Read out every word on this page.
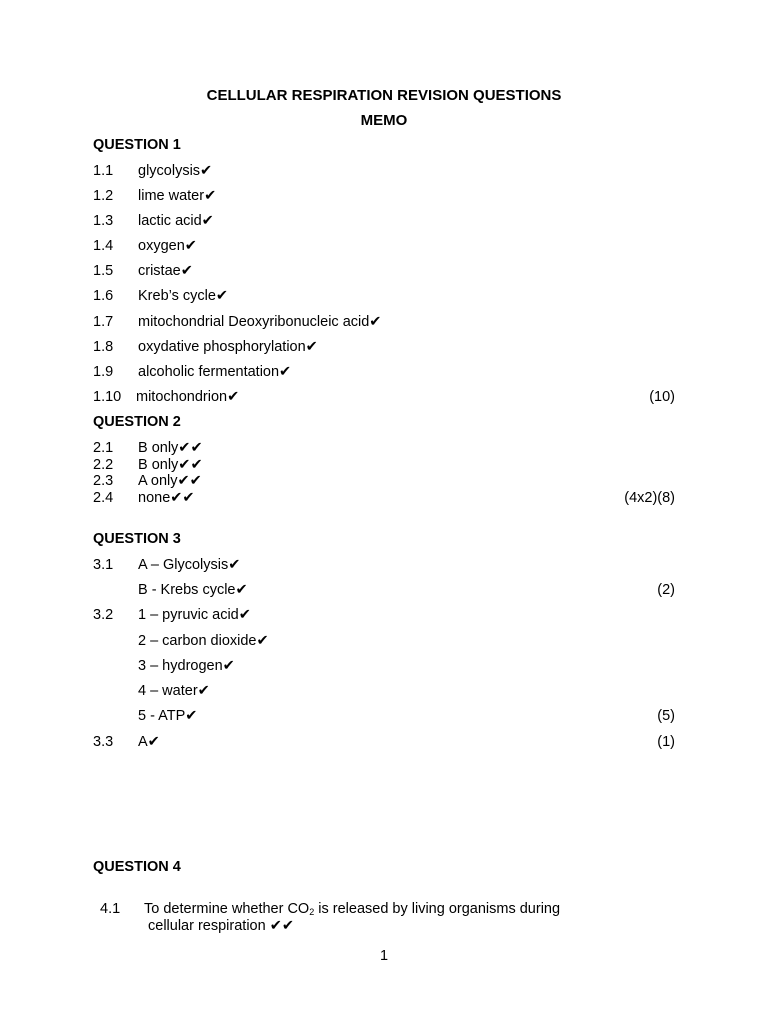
CELLULAR RESPIRATION REVISION QUESTIONS
MEMO
QUESTION 1
1.1 glycolysis✔
1.2 lime water✔
1.3 lactic acid✔
1.4 oxygen✔
1.5 cristae✔
1.6 Kreb’s cycle✔
1.7 mitochondrial Deoxyribonucleic acid✔
1.8 oxydative phosphorylation✔
1.9 alcoholic fermentation✔
1.10 mitochondrion✔	(10)
QUESTION 2
2.1 B only✔✔
2.2 B only✔✔
2.3 A only✔✔
2.4 none✔✔	(4x2)(8)
QUESTION 3
3.1 A – Glycolysis✔
B - Krebs cycle✔	(2)
3.2 1 – pyruvic acid✔
2 – carbon dioxide✔
3 – hydrogen✔
4 – water✔
5 - ATP✔	(5)
3.3 A✔	(1)
QUESTION 4
4.1 To determine whether $CO_2$ is released by living organisms during
cellular respiration ✔✔
1
